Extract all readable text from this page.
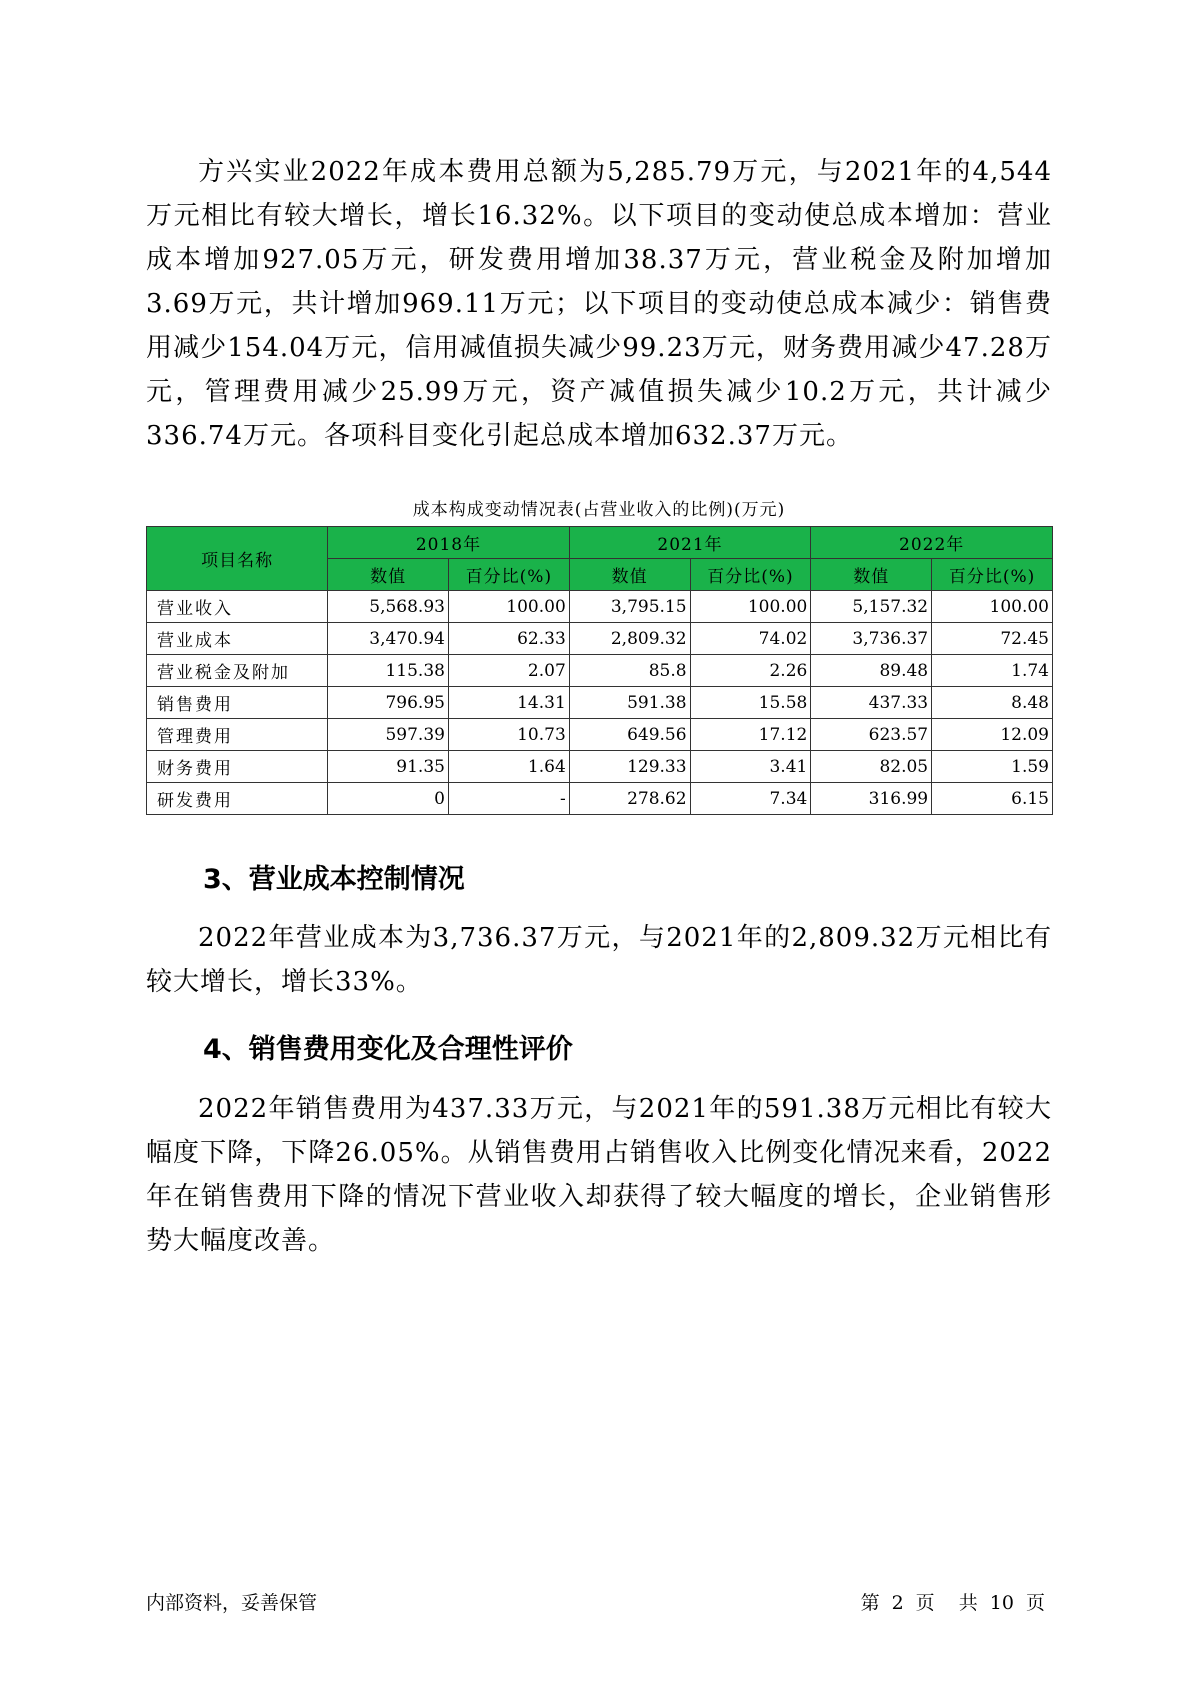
方兴实业2022年成本费用总额为5,285.79万元，与2021年的4,544万元相比有较大增长，增长16.32%。以下项目的变动使总成本增加：营业成本增加927.05万元，研发费用增加38.37万元，营业税金及附加增加3.69万元，共计增加969.11万元；以下项目的变动使总成本减少：销售费用减少154.04万元，信用减值损失减少99.23万元，财务费用减少47.28万元，管理费用减少25.99万元，资产减值损失减少10.2万元，共计减少336.74万元。各项科目变化引起总成本增加632.37万元。

成本构成变动情况表(占营业收入的比例)(万元)
项目名称	2018年		2021年		2022年	
	数值	百分比(%)	数值	百分比(%)	数值	百分比(%)
营业收入	5,568.93	100.00	3,795.15	100.00	5,157.32	100.00
营业成本	3,470.94	62.33	2,809.32	74.02	3,736.37	72.45
营业税金及附加	115.38	2.07	85.8	2.26	89.48	1.74
销售费用	796.95	14.31	591.38	15.58	437.33	8.48
管理费用	597.39	10.73	649.56	17.12	623.57	12.09
财务费用	91.35	1.64	129.33	3.41	82.05	1.59
研发费用	0	-	278.62	7.34	316.99	6.15
3、营业成本控制情况

2022年营业成本为3,736.37万元，与2021年的2,809.32万元相比有较大增长，增长33%。

4、销售费用变化及合理性评价

2022年销售费用为437.33万元，与2021年的591.38万元相比有较大幅度下降，下降26.05%。从销售费用占销售收入比例变化情况来看，2022年在销售费用下降的情况下营业收入却获得了较大幅度的增长，企业销售形势大幅度改善。

内部资料，妥善保管	第 2 页 共 10 页
